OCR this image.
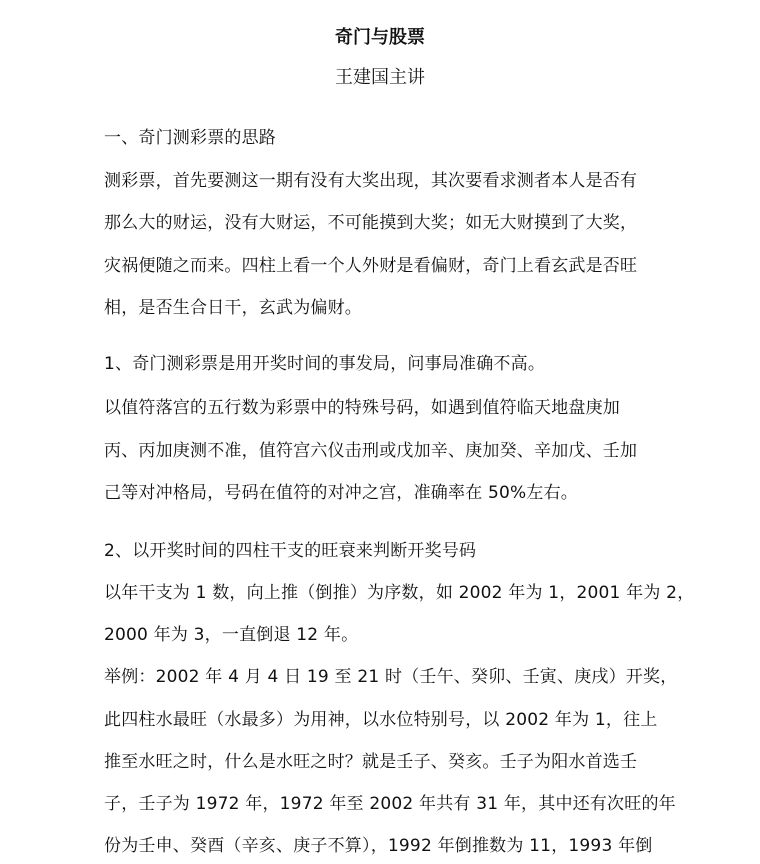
奇门与股票
王建国主讲
一、奇门测彩票的思路
测彩票，首先要测这一期有没有大奖出现，其次要看求测者本人是否有
那么大的财运，没有大财运，不可能摸到大奖；如无大财摸到了大奖，
灾祸便随之而来。四柱上看一个人外财是看偏财，奇门上看玄武是否旺
相，是否生合日干，玄武为偏财。
1、奇门测彩票是用开奖时间的事发局，问事局准确不高。
以值符落宫的五行数为彩票中的特殊号码，如遇到值符临天地盘庚加
丙、丙加庚测不准，值符宫六仪击刑或戊加辛、庚加癸、辛加戊、壬加
己等对冲格局，号码在值符的对冲之宫，准确率在 50%左右。
2、以开奖时间的四柱干支的旺衰来判断开奖号码
以年干支为 1 数，向上推（倒推）为序数，如 2002 年为 1，2001 年为 2，
2000 年为 3，一直倒退 12 年。
举例：2002 年 4 月 4 日 19 至 21 时（壬午、癸卯、壬寅、庚戌）开奖，
此四柱水最旺（水最多）为用神，以水位特别号，以 2002 年为 1，往上
推至水旺之时，什么是水旺之时？就是壬子、癸亥。壬子为阳水首选壬
子，壬子为 1972 年，1972 年至 2002 年共有 31 年，其中还有次旺的年
份为壬申、癸酉（辛亥、庚子不算），1992 年倒推数为 11，1993 年倒
